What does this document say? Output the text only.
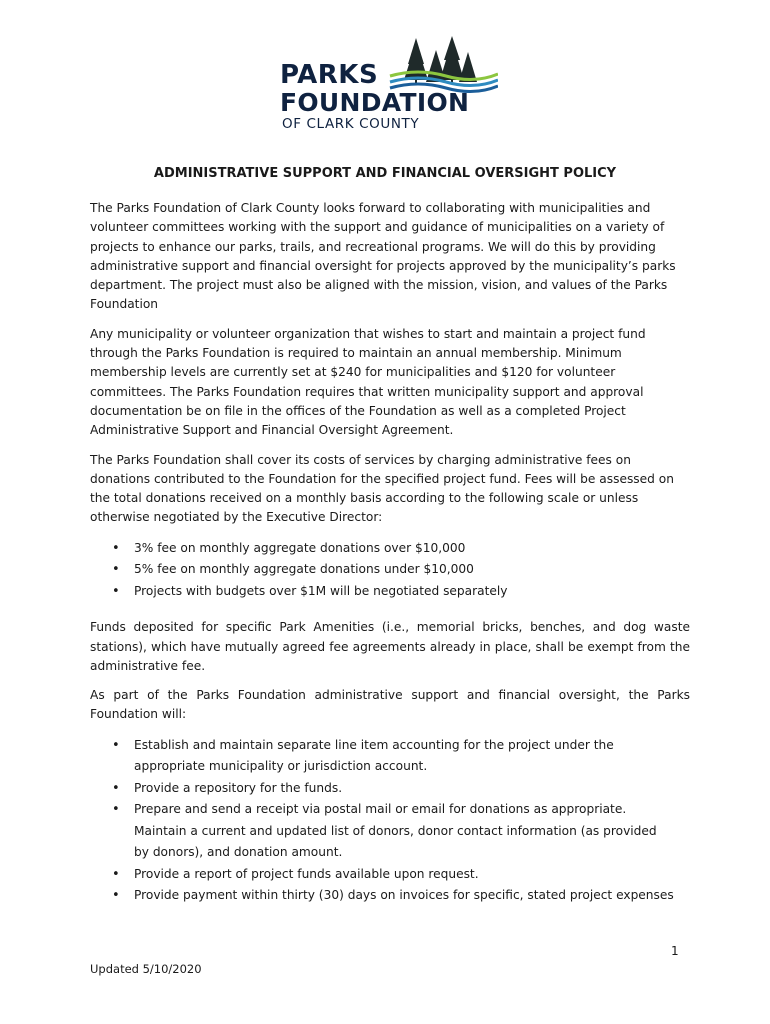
PARKS
FOUNDATION
OF CLARK COUNTY
ADMINISTRATIVE SUPPORT AND FINANCIAL OVERSIGHT POLICY

The Parks Foundation of Clark County looks forward to collaborating with municipalities and volunteer committees working with the support and guidance of municipalities on a variety of projects to enhance our parks, trails, and recreational programs. We will do this by providing administrative support and financial oversight for projects approved by the municipality’s parks department. The project must also be aligned with the mission, vision, and values of the Parks Foundation

Any municipality or volunteer organization that wishes to start and maintain a project fund through the Parks Foundation is required to maintain an annual membership. Minimum membership levels are currently set at $240 for municipalities and $120 for volunteer committees. The Parks Foundation requires that written municipality support and approval documentation be on file in the offices of the Foundation as well as a completed Project Administrative Support and Financial Oversight Agreement.

The Parks Foundation shall cover its costs of services by charging administrative fees on donations contributed to the Foundation for the specified project fund. Fees will be assessed on the total donations received on a monthly basis according to the following scale or unless otherwise negotiated by the Executive Director:

• 3% fee on monthly aggregate donations over $10,000
• 5% fee on monthly aggregate donations under $10,000
• Projects with budgets over $1M will be negotiated separately

Funds deposited for specific Park Amenities (i.e., memorial bricks, benches, and dog waste stations), which have mutually agreed fee agreements already in place, shall be exempt from the administrative fee.

As part of the Parks Foundation administrative support and financial oversight, the Parks Foundation will:

• Establish and maintain separate line item accounting for the project under the appropriate municipality or jurisdiction account.
• Provide a repository for the funds.
• Prepare and send a receipt via postal mail or email for donations as appropriate. Maintain a current and updated list of donors, donor contact information (as provided by donors), and donation amount.
• Provide a report of project funds available upon request.
• Provide payment within thirty (30) days on invoices for specific, stated project expenses
1
Updated 5/10/2020
